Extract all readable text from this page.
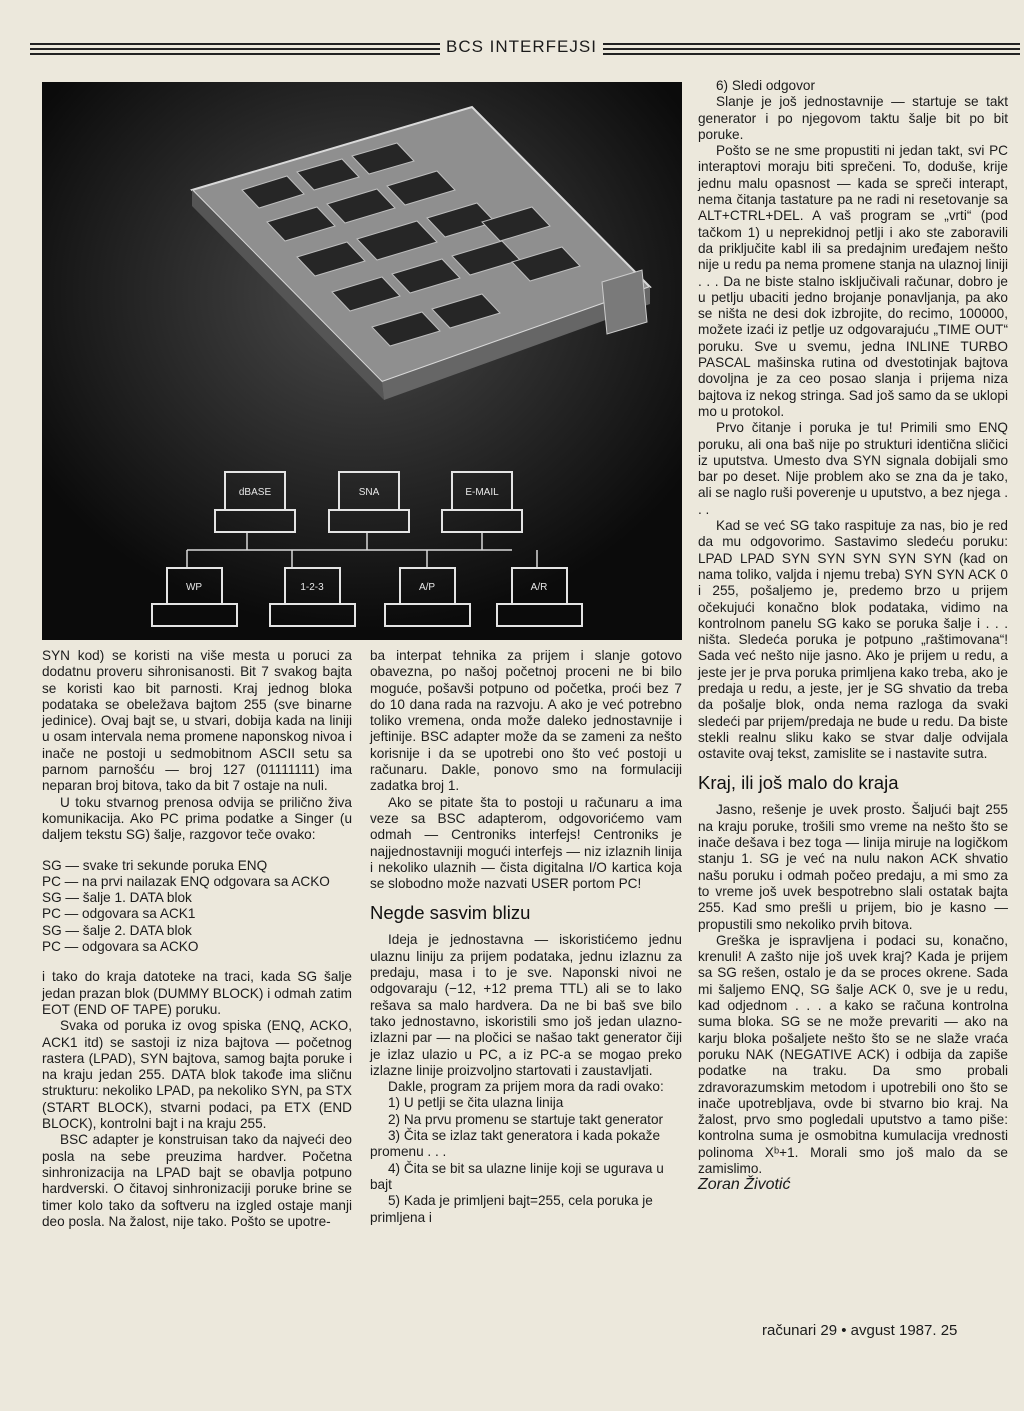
BCS INTERFEJSI
dBASE	SNA	E-MAIL
WP	1-2-3	A/P	A/R

SYN kod) se koristi na više mesta u poruci za dodatnu proveru sihronisanosti. Bit 7 svakog bajta se koristi kao bit parnosti. Kraj jednog bloka podataka se obeležava bajtom 255 (sve binarne jedinice). Ovaj bajt se, u stvari, dobija kada na liniji u osam intervala nema promene naponskog nivoa i inače ne postoji u sedmobitnom ASCII setu sa parnom parnošću — broj 127 (01111111) ima neparan broj bitova, tako da bit 7 ostaje na nuli.

U toku stvarnog prenosa odvija se prilično živa komunikacija. Ako PC prima podatke a Singer (u daljem tekstu SG) šalje, razgovor teče ovako:

SG — svake tri sekunde poruka ENQ

PC — na prvi nailazak ENQ odgovara sa ACKO

SG — šalje 1. DATA blok

PC — odgovara sa ACK1

SG — šalje 2. DATA blok

PC — odgovara sa ACKO

i tako do kraja datoteke na traci, kada SG šalje jedan prazan blok (DUMMY BLOCK) i odmah zatim EOT (END OF TAPE) poruku.

Svaka od poruka iz ovog spiska (ENQ, ACKO, ACK1 itd) se sastoji iz niza bajtova — početnog rastera (LPAD), SYN bajtova, samog bajta poruke i na kraju jedan 255. DATA blok takođe ima sličnu strukturu: nekoliko LPAD, pa nekoliko SYN, pa STX (START BLOCK), stvarni podaci, pa ETX (END BLOCK), kontrolni bajt i na kraju 255.

BSC adapter je konstruisan tako da najveći deo posla na sebe preuzima hardver. Početna sinhronizacija na LPAD bajt se obavlja potpuno hardverski. O čitavoj sinhronizaciji poruke brine se timer kolo tako da softveru na izgled ostaje manji deo posla. Na žalost, nije tako. Pošto se upotre-

ba interpat tehnika za prijem i slanje gotovo obavezna, po našoj početnoj proceni ne bi bilo moguće, pošavši potpuno od početka, proći bez 7 do 10 dana rada na razvoju. A ako je već potrebno toliko vremena, onda može daleko jednostavnije i jeftinije. BSC adapter može da se zameni za nešto korisnije i da se upotrebi ono što već postoji u računaru. Dakle, ponovo smo na formulaciji zadatka broj 1.

Ako se pitate šta to postoji u računaru a ima veze sa BSC adapterom, odgovorićemo vam odmah — Centroniks interfejs! Centroniks je najjednostavniji mogući interfejs — niz izlaznih linija i nekoliko ulaznih — čista digitalna I/O kartica koja se slobodno može nazvati USER portom PC!

Negde sasvim blizu

Ideja je jednostavna — iskoristićemo jednu ulaznu liniju za prijem podataka, jednu izlaznu za predaju, masa i to je sve. Naponski nivoi ne odgovaraju (−12, +12 prema TTL) ali se to lako rešava sa malo hardvera. Da ne bi baš sve bilo tako jednostavno, iskoristili smo još jedan ulazno-izlazni par — na pločici se našao takt generator čiji je izlaz ulazio u PC, a iz PC-a se mogao preko izlazne linije proizvoljno startovati i zaustavljati.

Dakle, program za prijem mora da radi ovako:

1) U petlji se čita ulazna linija

2) Na prvu promenu se startuje takt generator

3) Čita se izlaz takt generatora i kada pokaže promenu . . .

4) Čita se bit sa ulazne linije koji se ugurava u bajt

5) Kada je primljeni bajt=255, cela poruka je primljena i

6) Sledi odgovor

Slanje je još jednostavnije — startuje se takt generator i po njegovom taktu šalje bit po bit poruke.

Pošto se ne sme propustiti ni jedan takt, svi PC interaptovi moraju biti sprečeni. To, doduše, krije jednu malu opasnost — kada se spreči interapt, nema čitanja tastature pa ne radi ni resetovanje sa ALT+CTRL+DEL. A vaš program se „vrti“ (pod tačkom 1) u neprekidnoj petlji i ako ste zaboravili da priključite kabl ili sa predajnim uređajem nešto nije u redu pa nema promene stanja na ulaznoj liniji . . . Da ne biste stalno isključivali računar, dobro je u petlju ubaciti jedno brojanje ponavljanja, pa ako se ništa ne desi dok izbrojite, do recimo, 100000, možete izaći iz petlje uz odgovarajuću „TIME OUT“ poruku. Sve u svemu, jedna INLINE TURBO PASCAL mašinska rutina od dvestotinjak bajtova dovoljna je za ceo posao slanja i prijema niza bajtova iz nekog stringa. Sad još samo da se uklopi mo u protokol.

Prvo čitanje i poruka je tu! Primili smo ENQ poruku, ali ona baš nije po strukturi identična sličici iz uputstva. Umesto dva SYN signala dobijali smo bar po deset. Nije problem ako se zna da je tako, ali se naglo ruši poverenje u uputstvo, a bez njega . . .

Kad se već SG tako raspituje za nas, bio je red da mu odgovorimo. Sastavimo sledeću poruku: LPAD LPAD SYN SYN SYN SYN SYN (kad on nama toliko, valjda i njemu treba) SYN SYN ACK 0 i 255, pošaljemo je, predemo brzo u prijem očekujući konačno blok podataka, vidimo na kontrolnom panelu SG kako se poruka šalje i . . . ništa. Sledeća poruka je potpuno „raštimovana“! Sada već nešto nije jasno. Ako je prijem u redu, a jeste jer je prva poruka primljena kako treba, ako je predaja u redu, a jeste, jer je SG shvatio da treba da pošalje blok, onda nema razloga da svaki sledeći par prijem/predaja ne bude u redu. Da biste stekli realnu sliku kako se stvar dalje odvijala ostavite ovaj tekst, zamislite se i nastavite sutra.

Kraj, ili još malo do kraja

Jasno, rešenje je uvek prosto. Šaljući bajt 255 na kraju poruke, trošili smo vreme na nešto što se inače dešava i bez toga — linija miruje na logičkom stanju 1. SG je već na nulu nakon ACK shvatio našu poruku i odmah počeo predaju, a mi smo za to vreme još uvek bespotrebno slali ostatak bajta 255. Kad smo prešli u prijem, bio je kasno — propustili smo nekoliko prvih bitova.

Greška je ispravljena i podaci su, konačno, krenuli! A zašto nije još uvek kraj? Kada je prijem sa SG rešen, ostalo je da se proces okrene. Sada mi šaljemo ENQ, SG šalje ACK 0, sve je u redu, kad odjednom . . . a kako se računa kontrolna suma bloka. SG se ne može prevariti — ako na karju bloka pošaljete nešto što se ne slaže vraća poruku NAK (NEGATIVE ACK) i odbija da zapiše podatke na traku. Da smo probali zdravorazumskim metodom i upotrebili ono što se inače upotrebljava, ovde bi stvarno bio kraj. Na žalost, prvo smo pogledali uputstvo a tamo piše: kontrolna suma je osmobitna kumulacija vrednosti polinoma Xᵇ+1. Morali smo još malo da se zamislimo.

Zoran Životić

računari 29 • avgust 1987. 25
